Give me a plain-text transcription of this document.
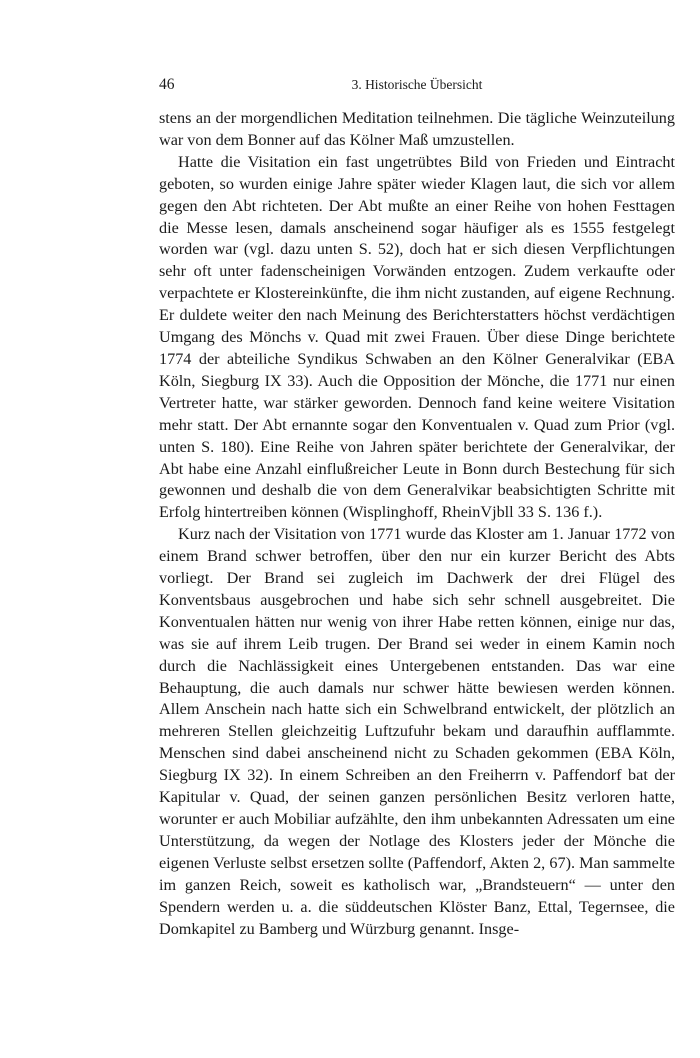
46	3. Historische Übersicht

stens an der morgendlichen Meditation teilnehmen. Die tägliche Weinzuteilung war von dem Bonner auf das Kölner Maß umzustellen.

Hatte die Visitation ein fast ungetrübtes Bild von Frieden und Eintracht geboten, so wurden einige Jahre später wieder Klagen laut, die sich vor allem gegen den Abt richteten. Der Abt mußte an einer Reihe von hohen Festtagen die Messe lesen, damals anscheinend sogar häufiger als es 1555 festgelegt worden war (vgl. dazu unten S. 52), doch hat er sich diesen Verpflichtungen sehr oft unter fadenscheinigen Vorwänden entzogen. Zudem verkaufte oder verpachtete er Klostereinkünfte, die ihm nicht zustanden, auf eigene Rechnung. Er duldete weiter den nach Meinung des Berichterstatters höchst verdächtigen Umgang des Mönchs v. Quad mit zwei Frauen. Über diese Dinge berichtete 1774 der abteiliche Syndikus Schwaben an den Kölner Generalvikar (EBA Köln, Siegburg IX 33). Auch die Opposition der Mönche, die 1771 nur einen Vertreter hatte, war stärker geworden. Dennoch fand keine weitere Visitation mehr statt. Der Abt ernannte sogar den Konventualen v. Quad zum Prior (vgl. unten S. 180). Eine Reihe von Jahren später berichtete der Generalvikar, der Abt habe eine Anzahl einflußreicher Leute in Bonn durch Bestechung für sich gewonnen und deshalb die von dem Generalvikar beabsichtigten Schritte mit Erfolg hintertreiben können (Wisplinghoff, RheinVjbll 33 S. 136 f.).

Kurz nach der Visitation von 1771 wurde das Kloster am 1. Januar 1772 von einem Brand schwer betroffen, über den nur ein kurzer Bericht des Abts vorliegt. Der Brand sei zugleich im Dachwerk der drei Flügel des Konventsbaus ausgebrochen und habe sich sehr schnell ausgebreitet. Die Konventualen hätten nur wenig von ihrer Habe retten können, einige nur das, was sie auf ihrem Leib trugen. Der Brand sei weder in einem Kamin noch durch die Nachlässigkeit eines Untergebenen entstanden. Das war eine Behauptung, die auch damals nur schwer hätte bewiesen werden können. Allem Anschein nach hatte sich ein Schwelbrand entwickelt, der plötzlich an mehreren Stellen gleichzeitig Luftzufuhr bekam und daraufhin aufflammte. Menschen sind dabei anscheinend nicht zu Schaden gekommen (EBA Köln, Siegburg IX 32). In einem Schreiben an den Freiherrn v. Paffendorf bat der Kapitular v. Quad, der seinen ganzen persönlichen Besitz verloren hatte, worunter er auch Mobiliar aufzählte, den ihm unbekannten Adressaten um eine Unterstützung, da wegen der Notlage des Klosters jeder der Mönche die eigenen Verluste selbst ersetzen sollte (Paffendorf, Akten 2, 67). Man sammelte im ganzen Reich, soweit es katholisch war, „Brandsteuern“ — unter den Spendern werden u. a. die süddeutschen Klöster Banz, Ettal, Tegernsee, die Domkapitel zu Bamberg und Würzburg genannt. Insge-
